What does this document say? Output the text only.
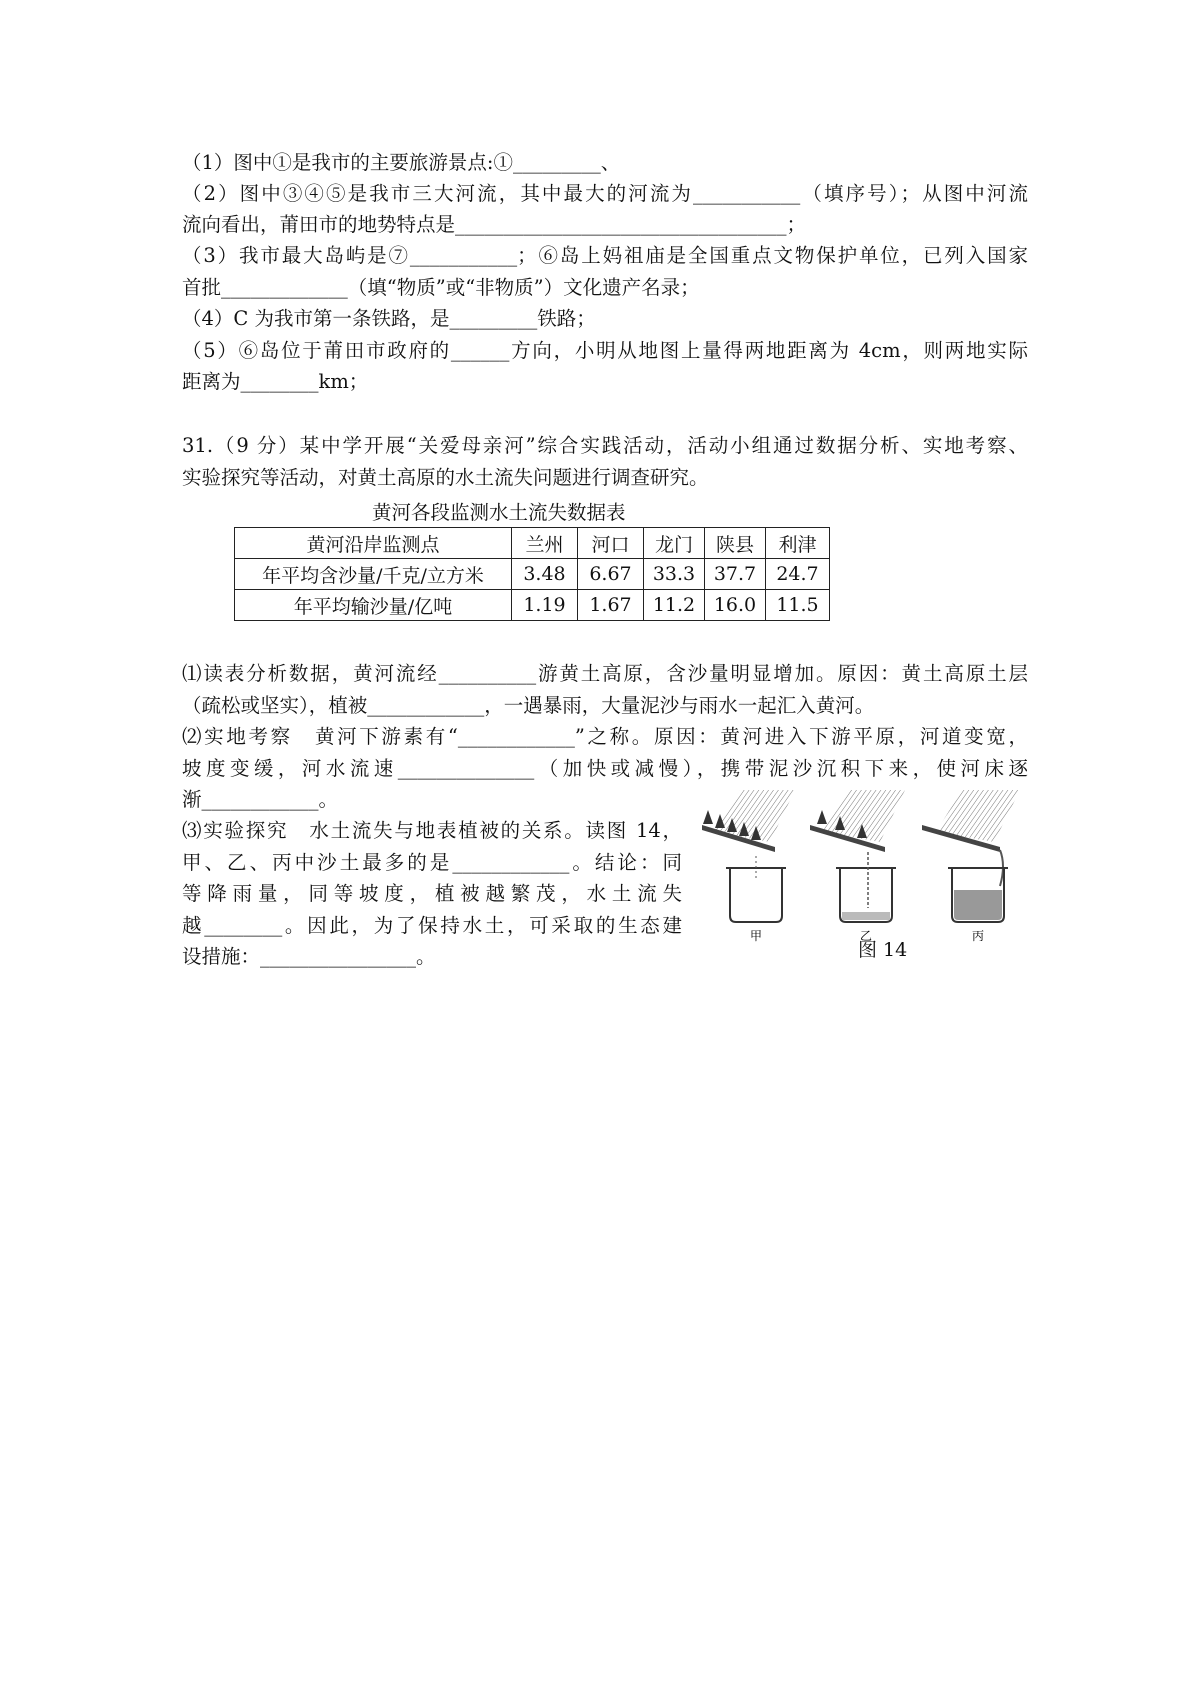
（1）图中①是我市的主要旅游景点:①_________、
（2）图中③④⑤是我市三大河流，其中最大的河流为___________（填序号）；从图中河流
流向看出，莆田市的地势特点是__________________________________；
（3）我市最大岛屿是⑦___________；⑥岛上妈祖庙是全国重点文物保护单位，已列入国家
首批_____________（填“物质”或“非物质”）文化遗产名录；
（4）C 为我市第一条铁路，是_________铁路；
（5）⑥岛位于莆田市政府的______方向，小明从地图上量得两地距离为 4cm，则两地实际
距离为________km；
31.（9 分）某中学开展“关爱母亲河”综合实践活动，活动小组通过数据分析、实地考察、
实验探究等活动，对黄土高原的水土流失问题进行调查研究。
黄河各段监测水土流失数据表
黄河沿岸监测点	兰州	河口	龙门	陕县	利津
年平均含沙量/千克/立方米	3.48	6.67	33.3	37.7	24.7
年平均输沙量/亿吨	1.19	1.67	11.2	16.0	11.5
⑴读表分析数据，黄河流经__________游黄土高原，含沙量明显增加。原因：黄土高原土层
（疏松或坚实），植被____________，一遇暴雨，大量泥沙与雨水一起汇入黄河。
⑵实地考察　黄河下游素有“____________”之称。原因：黄河进入下游平原，河道变宽，
坡度变缓，河水流速______________（加快或减慢），携带泥沙沉积下来，使河床逐
渐____________。
⑶实验探究　水土流失与地表植被的关系。读图 14，
甲、乙、丙中沙土最多的是____________。结论：同
等降雨量，同等坡度，植被越繁茂，水土流失
越________。因此，为了保持水土，可采取的生态建
设措施：________________。
甲	乙	丙
图 14
